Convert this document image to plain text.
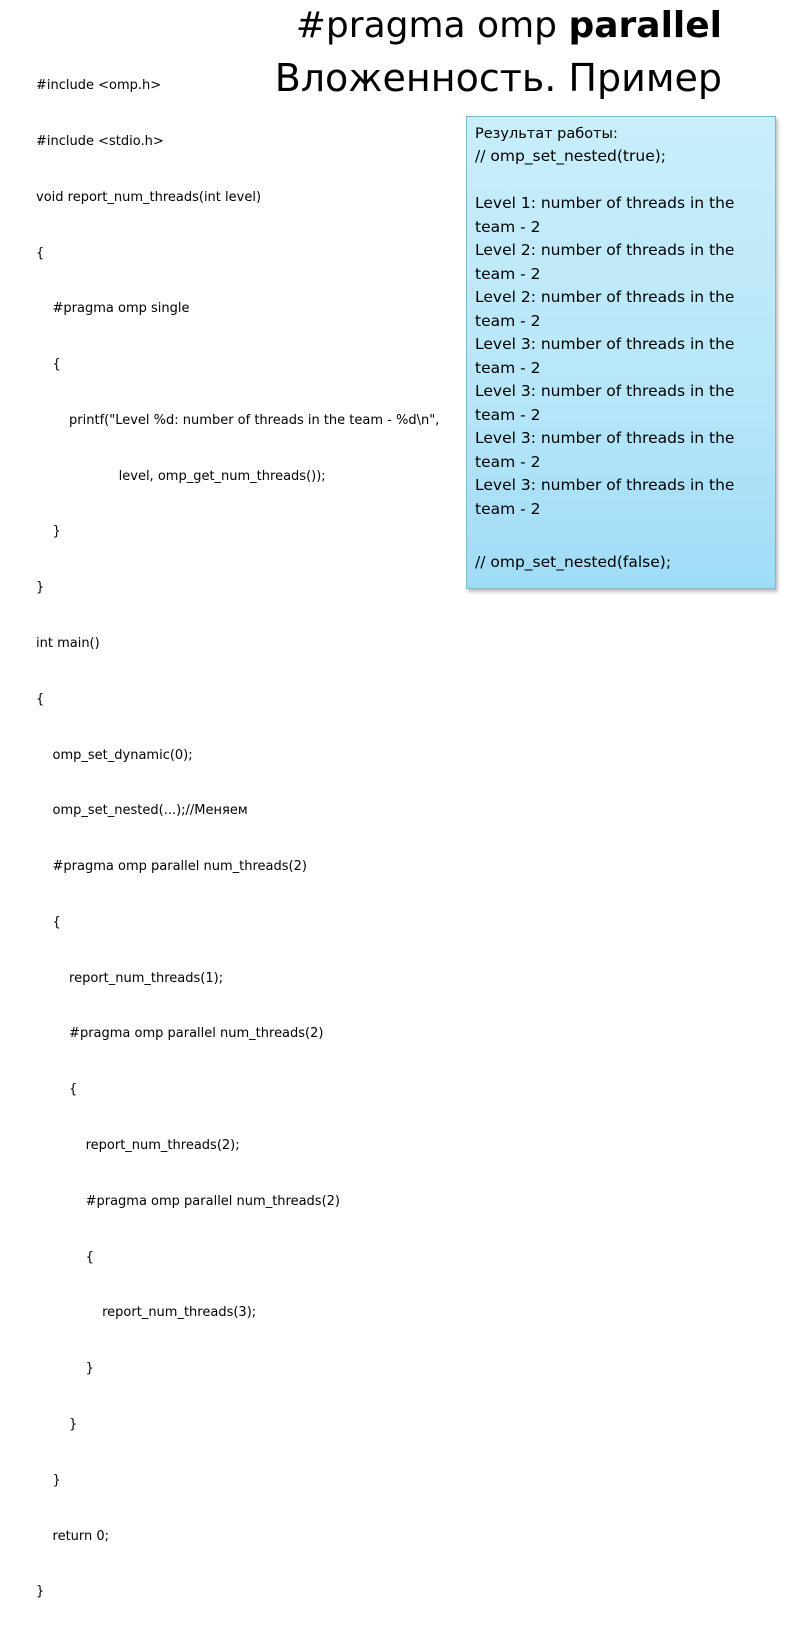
#pragma omp parallel
Вложенность. Пример

#include <omp.h>

#include <stdio.h>

void report_num_threads(int level)

{

#pragma omp single

{

printf("Level %d: number of threads in the team - %d\n",

level, omp_get_num_threads());

}

}

int main()

{

omp_set_dynamic(0);

omp_set_nested(...);//Меняем

#pragma omp parallel num_threads(2)

{

report_num_threads(1);

#pragma omp parallel num_threads(2)

{

report_num_threads(2);

#pragma omp parallel num_threads(2)

{

report_num_threads(3);

}

}

}

return 0;

}

Результат работы:
// omp_set_nested(true);
Level 1: number of threads in the team - 2
Level 2: number of threads in the team - 2
Level 2: number of threads in the team - 2
Level 3: number of threads in the team - 2
Level 3: number of threads in the team - 2
Level 3: number of threads in the team - 2
Level 3: number of threads in the team - 2
// omp_set_nested(false);
